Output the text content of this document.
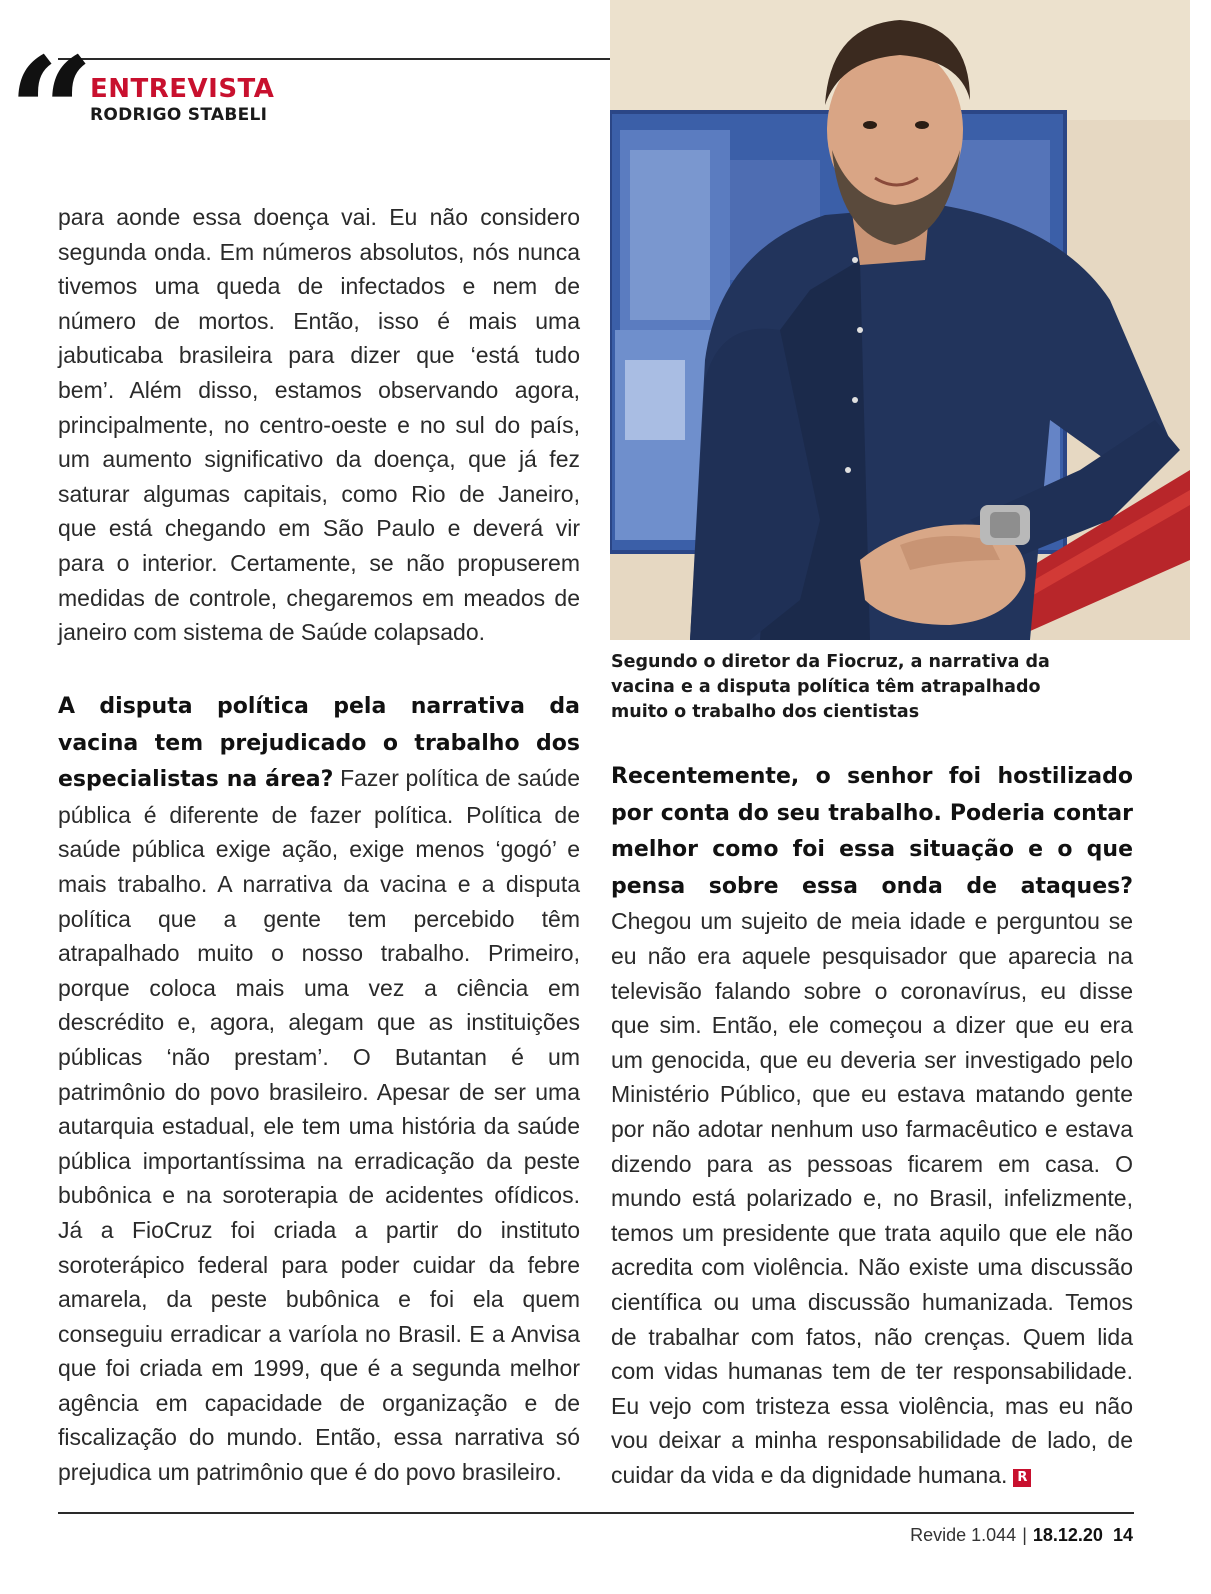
“
ENTREVISTA
RODRIGO STABELI
Segundo o diretor da Fiocruz, a narrativa da vacina e a disputa política têm atrapalhado muito o trabalho dos cientistas

para aonde essa doença vai. Eu não considero segunda onda. Em números absolutos, nós nunca tivemos uma queda de infectados e nem de número de mortos. Então, isso é mais uma jabuticaba brasileira para dizer que ‘está tudo bem’. Além disso, estamos observando agora, principalmente, no centro-oeste e no sul do país, um aumento significativo da doença, que já fez saturar algumas capitais, como Rio de Janeiro, que está chegando em São Paulo e deverá vir para o interior. Certamente, se não propuserem medidas de controle, chegaremos em meados de janeiro com sistema de Saúde colapsado.

A disputa política pela narrativa da vacina tem prejudicado o trabalho dos especialistas na área? Fazer política de saúde pública é diferente de fazer política. Política de saúde pública exige ação, exige menos ‘gogó’ e mais trabalho. A narrativa da vacina e a disputa política que a gente tem percebido têm atrapalhado muito o nosso trabalho. Primeiro, porque coloca mais uma vez a ciência em descrédito e, agora, alegam que as instituições públicas ‘não prestam’. O Butantan é um patrimônio do povo brasileiro. Apesar de ser uma autarquia estadual, ele tem uma história da saúde pública importantíssima na erradicação da peste bubônica e na soroterapia de acidentes ofídicos. Já a FioCruz foi criada a partir do instituto soroterápico federal para poder cuidar da febre amarela, da peste bubônica e foi ela quem conseguiu erradicar a varíola no Brasil. E a Anvisa que foi criada em 1999, que é a segunda melhor agência em capacidade de organização e de fiscalização do mundo. Então, essa narrativa só prejudica um patrimônio que é do povo brasileiro.

Recentemente, o senhor foi hostilizado por conta do seu trabalho. Poderia contar melhor como foi essa situação e o que pensa sobre essa onda de ataques? Chegou um sujeito de meia idade e perguntou se eu não era aquele pesquisador que aparecia na televisão falando sobre o coronavírus, eu disse que sim. Então, ele começou a dizer que eu era um genocida, que eu deveria ser investigado pelo Ministério Público, que eu estava matando gente por não adotar nenhum uso farmacêutico e estava dizendo para as pessoas ficarem em casa. O mundo está polarizado e, no Brasil, infelizmente, temos um presidente que trata aquilo que ele não acredita com violência. Não existe uma discussão científica ou uma discussão humanizada. Temos de trabalhar com fatos, não crenças. Quem lida com vidas humanas tem de ter responsabilidade. Eu vejo com tristeza essa violência, mas eu não vou deixar a minha responsabilidade de lado, de cuidar da vida e da dignidade humana. R

Revide 1.044 | 18.12.20 14
